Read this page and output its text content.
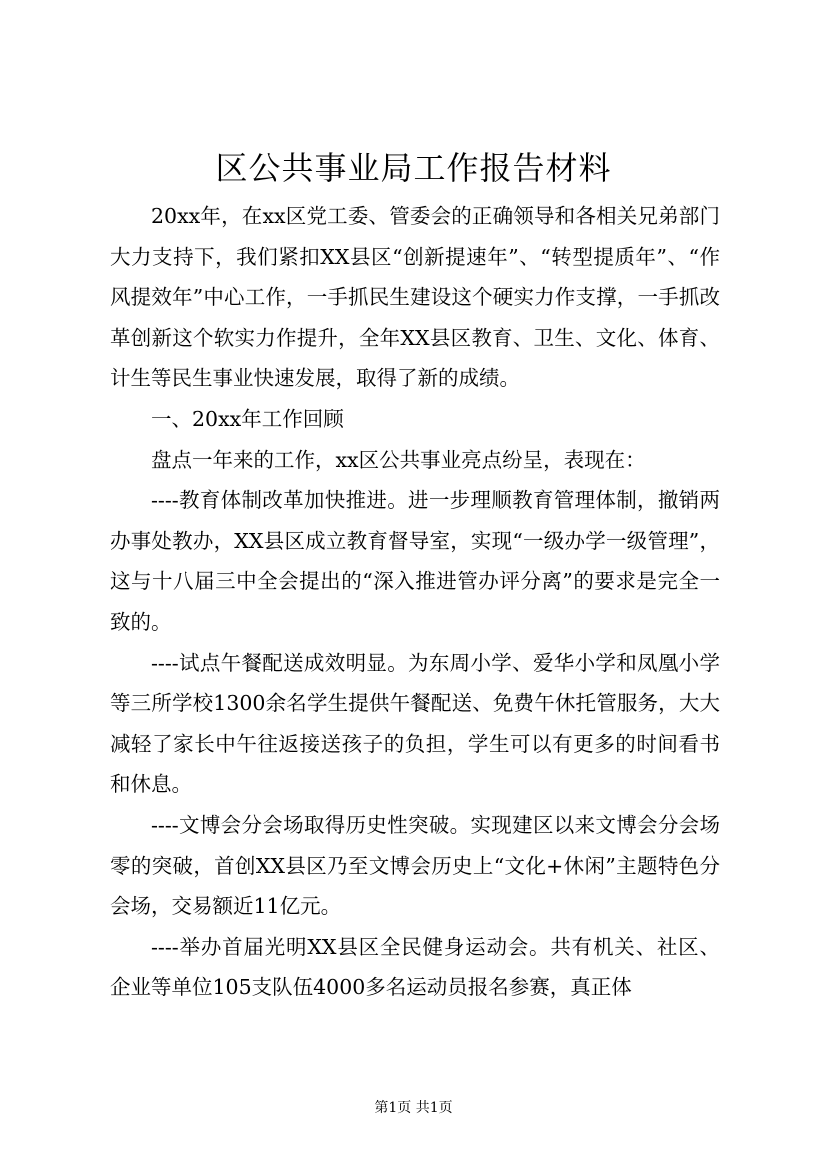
区公共事业局工作报告材料

20xx年，在xx区党工委、管委会的正确领导和各相关兄弟部门大力支持下，我们紧扣XX县区“创新提速年”、“转型提质年”、“作风提效年”中心工作，一手抓民生建设这个硬实力作支撑，一手抓改革创新这个软实力作提升，全年XX县区教育、卫生、文化、体育、计生等民生事业快速发展，取得了新的成绩。

一、20xx年工作回顾

盘点一年来的工作，xx区公共事业亮点纷呈，表现在：

----教育体制改革加快推进。进一步理顺教育管理体制，撤销两办事处教办，XX县区成立教育督导室，实现“一级办学一级管理”，这与十八届三中全会提出的“深入推进管办评分离”的要求是完全一致的。

----试点午餐配送成效明显。为东周小学、爱华小学和凤凰小学等三所学校1300余名学生提供午餐配送、免费午休托管服务，大大减轻了家长中午往返接送孩子的负担，学生可以有更多的时间看书和休息。

----文博会分会场取得历史性突破。实现建区以来文博会分会场零的突破，首创XX县区乃至文博会历史上“文化+休闲”主题特色分会场，交易额近11亿元。

----举办首届光明XX县区全民健身运动会。共有机关、社区、企业等单位105支队伍4000多名运动员报名参赛，真正体

第1页 共1页
